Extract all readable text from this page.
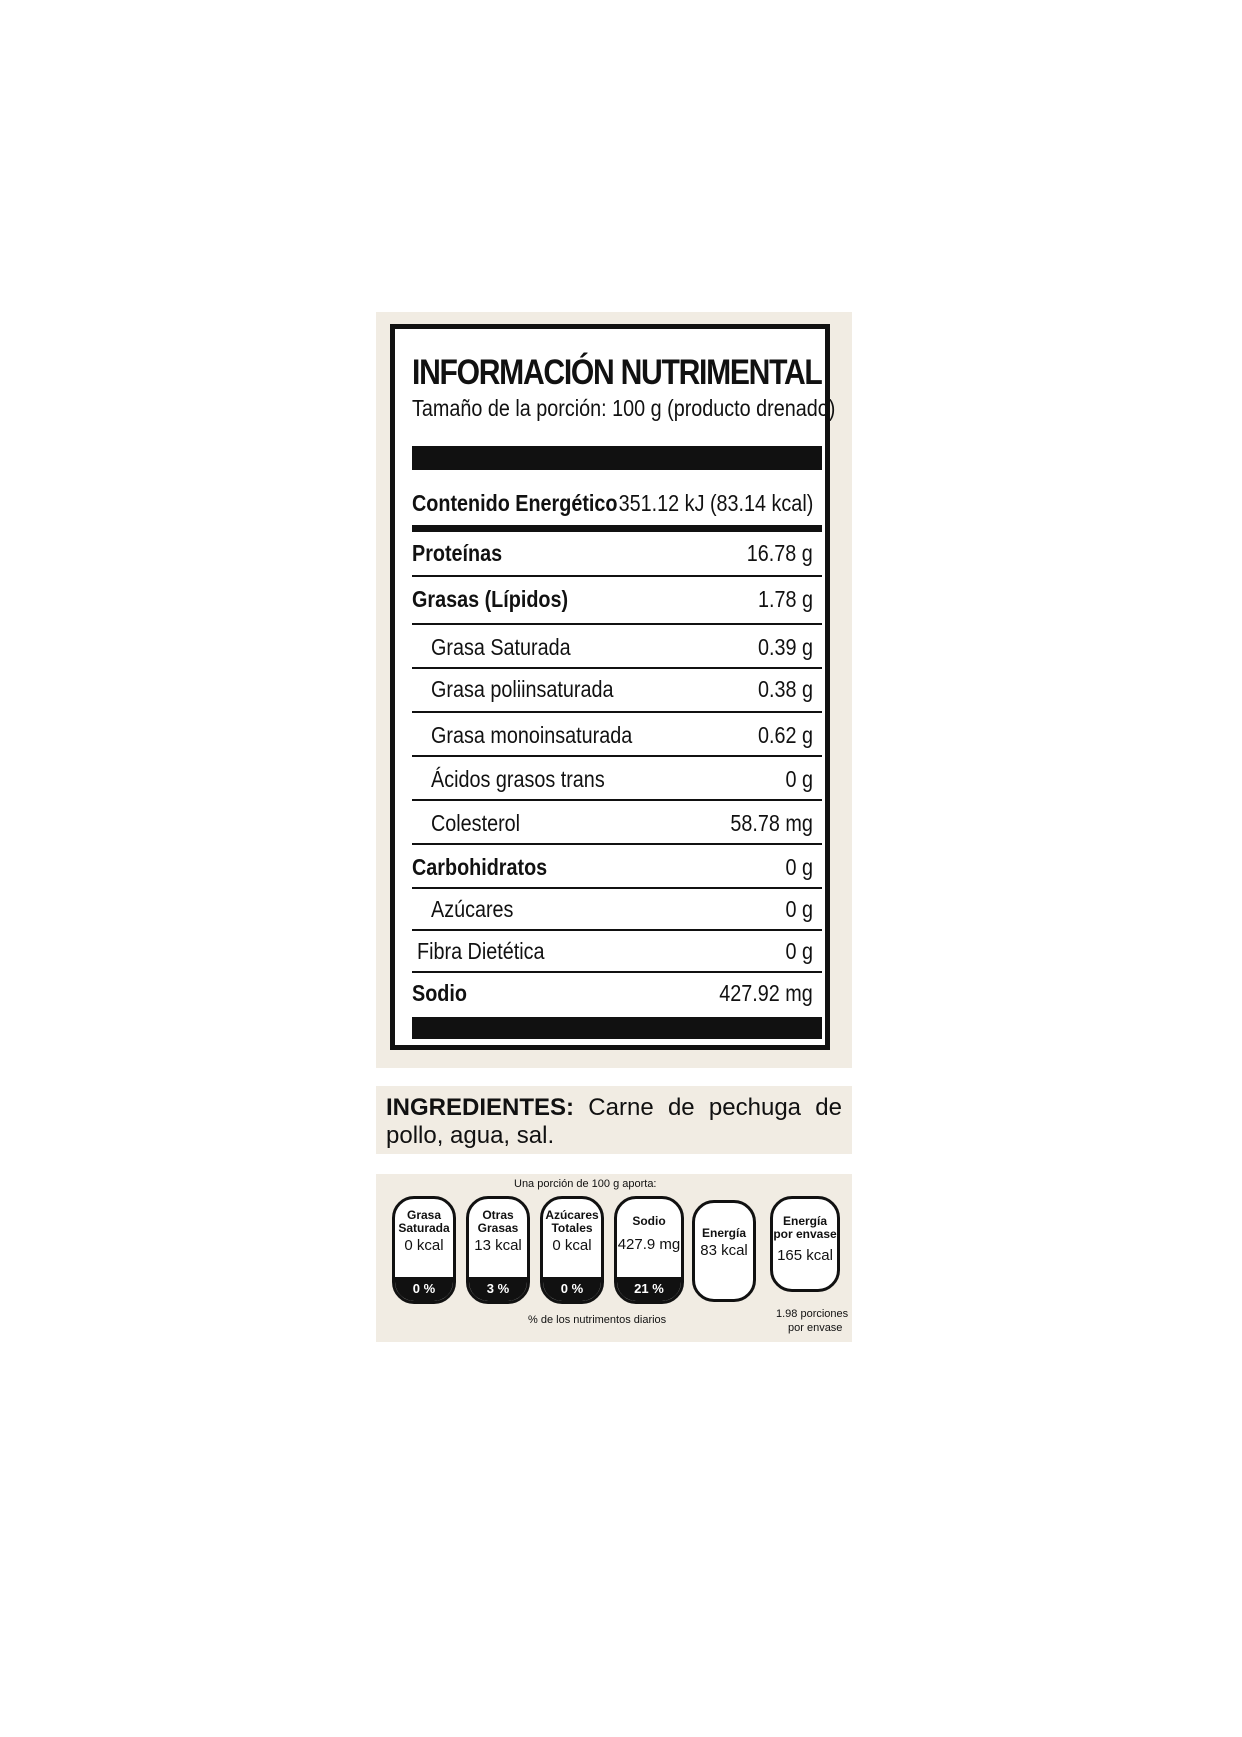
INFORMACIÓN NUTRIMENTAL
Tamaño de la porción: 100 g (producto drenado)
Contenido Energético 351.12 kJ (83.14 kcal)
Proteínas	16.78 g
Grasas (Lípidos)	1.78 g
Grasa Saturada	0.39 g
Grasa poliinsaturada	0.38 g
Grasa monoinsaturada	0.62 g
Ácidos grasos trans	0 g
Colesterol	58.78 mg
Carbohidratos	0 g
Azúcares	0 g
Fibra Dietética	0 g
Sodio	427.92 mg
INGREDIENTES: Carne de pechuga de pollo, agua, sal.
Una porción de 100 g aporta:
Grasa
Saturada
0 kcal
0 %
Otras
Grasas
13 kcal
3 %
Azúcares
Totales
0 kcal
0 %
Sodio
427.9 mg
21 %
Energía
83 kcal
Energía
por envase
165 kcal
% de los nutrimentos diarios	1.98 porciones
por envase
